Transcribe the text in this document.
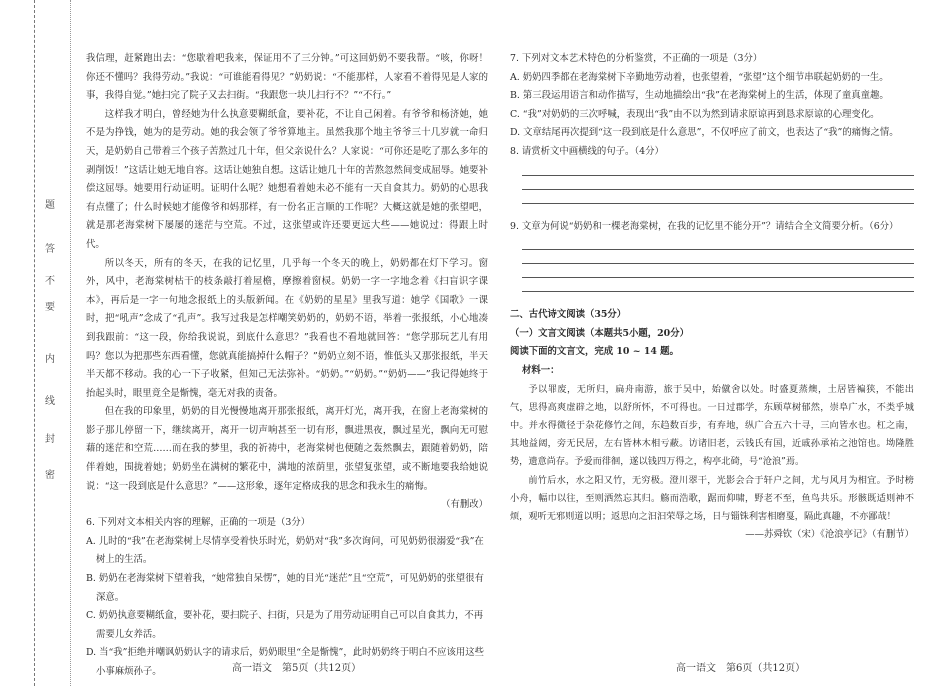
题
答
不
要
内
线
封
密

我信理，赶紧跑出去：“您歇着吧我来，保证用不了三分钟。”可这回奶奶不要我帮。“咳，你呀！你还不懂吗？我得劳动。”我说：“可谁能看得见？”奶奶说：“不能那样，人家看不着得见是人家的事，我得自觉。”她扫完了院子又去扫街。“我跟您一块儿扫行不？”“不行。”

这样我才明白，曾经她为什么执意要糊纸盒，要补花，不让自己闲着。有爷爷和杨济她，她不是为挣钱，她为的是劳动。她的我会领了爷爷算地主。虽然我那个地主爷爷三十几岁就一命归天，是奶奶自己带着三个孩子苦熬过几十年，但父亲说什么？人家说：“可你还是吃了那么多年的剥削饭！”这话让她无地自容。这话让她独自想。这话让她几十年的苦熬忽然间变成屈辱。她要补偿这屈辱。她要用行动证明。证明什么呢？她想看着她未必不能有一天自食其力。奶奶的心思我有点懂了；什么时候她才能像爷和妈那样，有一份名正言顺的工作呢？大概这就是她的张望吧，就是那老海棠树下屡屡的迷茫与空荒。不过，这张望或许还要更远大些——她说过：得跟上时代。

所以冬天，所有的冬天，在我的记忆里，几乎每一个冬天的晚上，奶奶都在灯下学习。窗外，风中，老海棠树枯干的枝条敲打着屋檐，摩擦着窗棂。奶奶一字一字地念着《扫盲识字课本》，再后是一字一句地念报纸上的头版新闻。在《奶奶的星星》里我写道：她学《国歌》一课时，把“吼声”念成了“孔声”。我写过我是怎样嘲笑奶奶的，奶奶不语，举着一张报纸，小心地凑到我跟前：“这一段，你给我说说，到底什么意思？”我看也不看地就回答：“您学那玩艺儿有用吗？您以为把那些东西看懂，您就真能搞掉什么帽子？”奶奶立刻不语，惟低头又那张报纸，半天半天都不移动。我的心一下子收紧，但知己无法弥补。“奶奶。”“奶奶。”“奶奶——”我记得她终于抬起头时，眼里竟全是惭愧，毫无对我的责备。

但在我的印象里，奶奶的目光慢慢地离开那张报纸，离开灯光，离开我，在窗上老海棠树的影子那儿停留一下，继续离开，离开一切声响甚至一切有形，飘进黑夜，飘过星光，飘向无可慰藉的迷茫和空荒……而在我的梦里，我的祈祷中，老海棠树也便随之轰然飘去，跟随着奶奶，陪伴着她，围拢着她；奶奶坐在满树的繁花中，满地的浓荫里，张望复张望，或不断地要我给她说说：“这一段到底是什么意思？”——这形象，逐年定格成我的思念和我永生的痛悔。

（有删改）

6. 下列对文本相关内容的理解，正确的一项是（3分）

A. 儿时的“我”在老海棠树上尽情享受着快乐时光，奶奶对“我”多次询问，可见奶奶很溺爱“我”在树上的生活。

B. 奶奶在老海棠树下望着我，“她常独自呆愣”，她的目光“迷茫”且“空荒”，可见奶奶的张望很有深意。

C. 奶奶执意要糊纸盒，要补花，要扫院子、扫街，只是为了用劳动证明自己可以自食其力，不再需要儿女养活。

D. 当“我”拒绝并嘲讽奶奶认字的请求后，奶奶眼里“全是惭愧”，此时奶奶终于明白不应该用这些小事麻烦孙子。	高一语文　第5页（共12页）

7. 下列对文本艺术特色的分析鉴赏，不正确的一项是（3分）

A. 奶奶四季都在老海棠树下辛勤地劳动着，也张望着，“张望”这个细节串联起奶奶的一生。

B. 第三段运用语言和动作描写，生动地描绘出“我”在老海棠树上的生活，体现了童真童趣。

C. “我”对奶奶的三次呼喊，表现出“我”由不以为然到请求原谅再到恳求原谅的心理变化。

D. 文章结尾再次提到“这一段到底是什么意思”，不仅呼应了前文，也表达了“我”的痛悔之情。

8. 请赏析文中画横线的句子。（4分）

9. 文章为何说“奶奶和一棵老海棠树，在我的记忆里不能分开”？请结合全文简要分析。（6分）

二、古代诗文阅读（35分）

（一）文言文阅读（本题共5小题，20分）

阅读下面的文言文，完成 10 ~ 14 题。

材料一：

予以罪废，无所归，扁舟南游，旅于吴中，始僦舍以处。时盛夏蒸燠，土居皆褊狭，不能出气，思得高爽虚辟之地，以舒所怀，不可得也。一日过郡学，东顾草树郁然，崇阜广水，不类乎城中。并水得微径于杂花修竹之间，东趋数百步，有弃地，纵广合五六十寻，三向皆水也。杠之南，其地益阔，旁无民居，左右皆林木相亏蔽。访诸旧老，云钱氏有国，近戚孙承祐之池馆也。坳隆胜势，遗意尚存。予爱而徘徊，遂以钱四万得之，构亭北碕，号“沧浪”焉。

前竹后水，水之阳又竹，无穷极。澄川翠干，光影会合于轩户之间，尤与风月为相宜。予时榜小舟，幅巾以往，至则洒然忘其归。觞而浩歌，踞而仰啸，野老不至，鱼鸟共乐。形骸既适则神不烦，观听无邪则道以明；返思向之汩汩荣辱之场，日与锱铢利害相磨戛，隔此真趣，不亦鄙哉！

——苏舜钦（宋）《沧浪亭记》（有删节）
高一语文　第6页（共12页）
